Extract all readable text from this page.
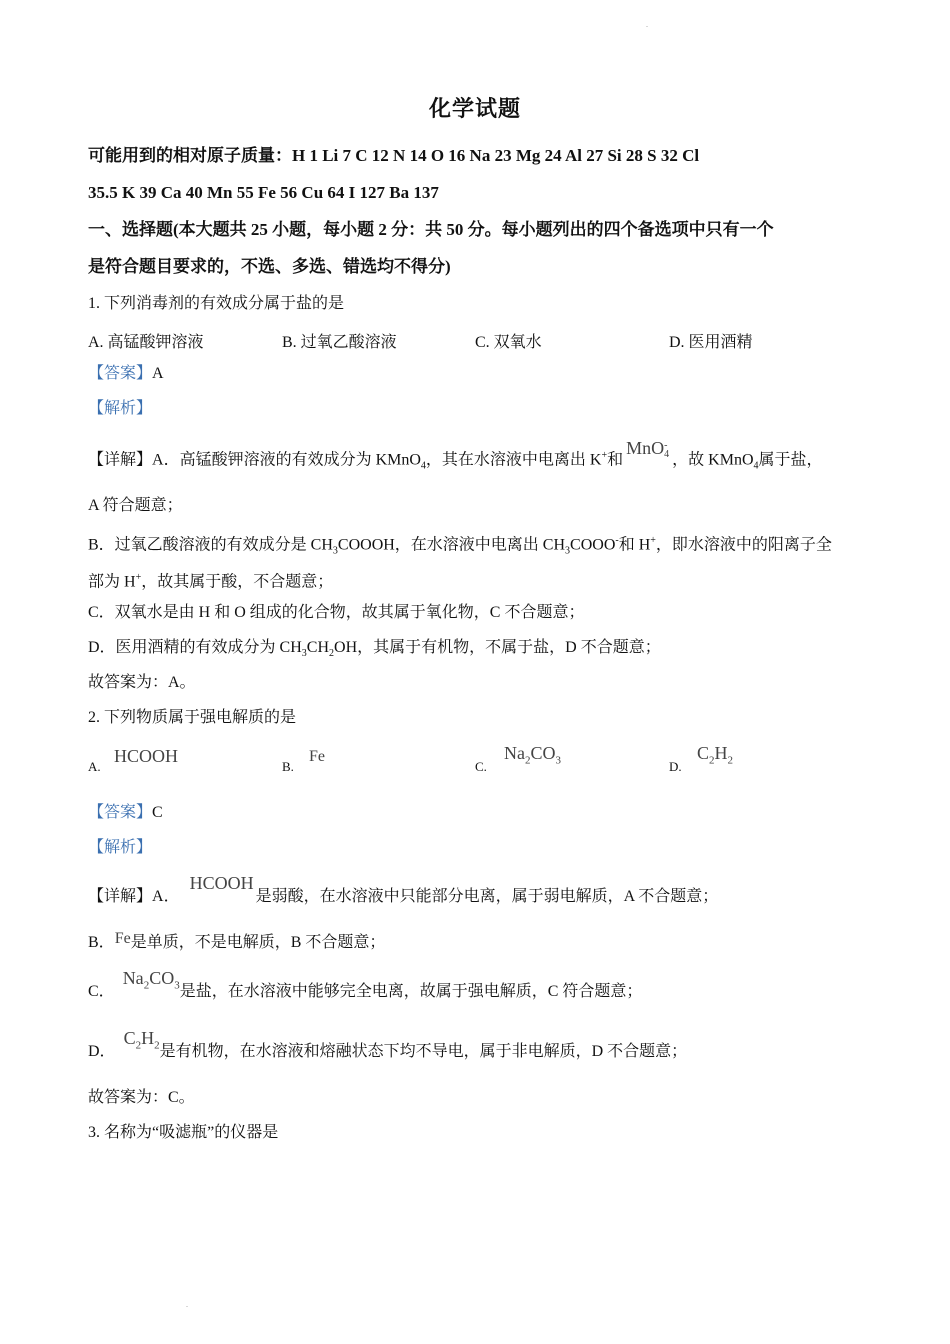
.
化学试题
可能用到的相对原子质量：H 1 Li 7 C 12 N 14 O 16 Na 23 Mg 24 Al 27 Si 28 S 32 Cl
35.5 K 39 Ca 40 Mn 55 Fe 56 Cu 64 I 127 Ba 137
一、选择题(本大题共 25 小题，每小题 2 分：共 50 分。每小题列出的四个备选项中只有一个
是符合题目要求的，不选、多选、错选均不得分)
1. 下列消毒剂的有效成分属于盐的是
A. 高锰酸钾溶液	B. 过氧乙酸溶液	C. 双氧水	D. 医用酒精
【答案】A
【解析】
【详解】A．高锰酸钾溶液的有效成分为 KMnO$_4$，其在水溶液中电离出 K+和MnO -
4 ，故 KMnO$_4$属于盐，
A 符合题意；
B．过氧乙酸溶液的有效成分是 $CH_3COOOH$，在水溶液中电离出 $CH_3COOO^-$和 H+，即水溶液中的阳离子全
部为 H+，故其属于酸，不合题意；
C．双氧水是由 H 和 O 组成的化合物，故其属于氧化物，C 不合题意；
D．医用酒精的有效成分为 $CH_3CH_2OH$，其属于有机物，不属于盐，D 不合题意；
故答案为：A。
2. 下列物质属于强电解质的是
A.
HCOOH
B.
Fe
C.
$Na_2CO_3$	D.
$C_2H_2$
【答案】C
【解析】
【详解】A．HCOOH是弱酸，在水溶液中只能部分电离，属于弱电解质，A 不合题意；
B．Fe是单质，不是电解质，B 不合题意；
C．$Na_2CO_3$是盐，在水溶液中能够完全电离，故属于强电解质，C 符合题意；
D．$C_2H_2$是有机物，在水溶液和熔融状态下均不导电，属于非电解质，D 不合题意；
故答案为：C。
3. 名称为“吸滤瓶”的仪器是
.
